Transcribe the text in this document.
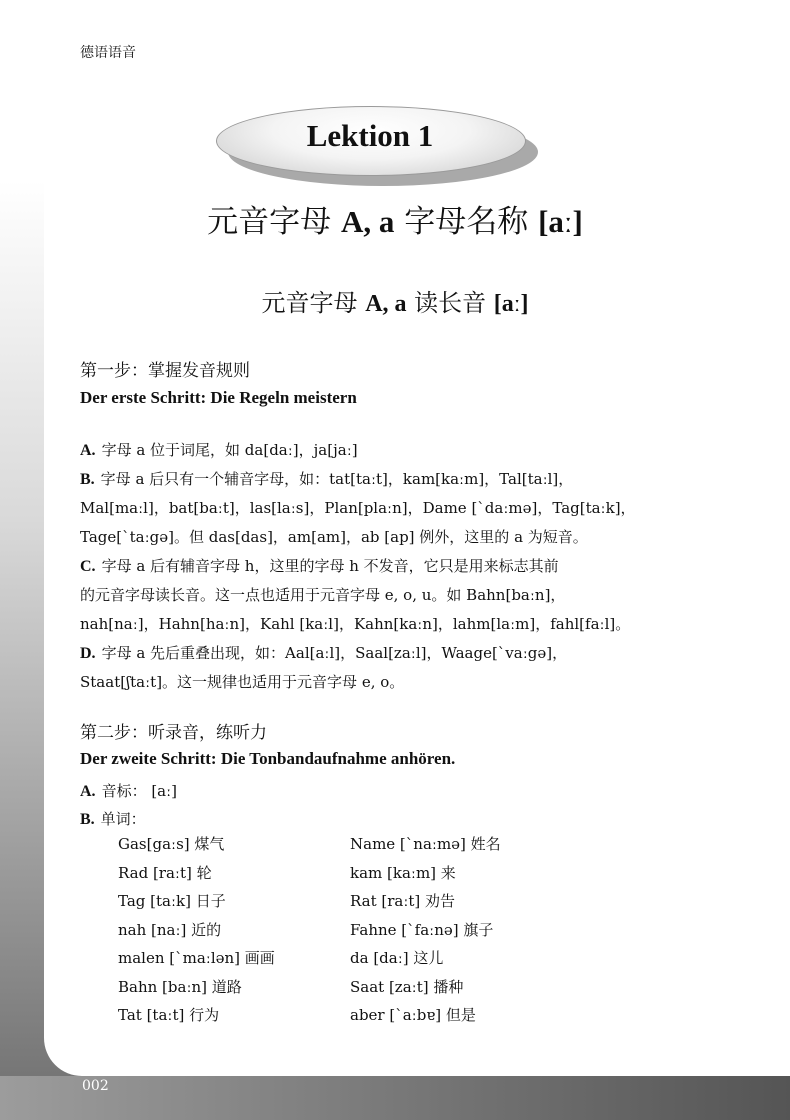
002
德语语音
Lektion 1
元音字母 A, a 字母名称 [aː]
元音字母 A, a 读长音 [aː]
第一步：掌握发音规则
Der erste Schritt: Die Regeln meistern
A. 字母 a 位于词尾，如 da[daː]，ja[jaː]
B. 字母 a 后只有一个辅音字母，如：tat[taːt]，kam[kaːm]，Tal[taːl]，
Mal[maːl]，bat[baːt]，las[laːs]，Plan[plaːn]，Dame [ˋdaːmə]，Tag[taːk]，
Tage[ˋtaːgə]。但 das[das]，am[am]，ab [ap] 例外，这里的 a 为短音。
C. 字母 a 后有辅音字母 h，这里的字母 h 不发音，它只是用来标志其前
的元音字母读长音。这一点也适用于元音字母 e, o, u。如 Bahn[baːn]，
nah[naː]，Hahn[haːn]，Kahl [kaːl]，Kahn[kaːn]，lahm[laːm]，fahl[faːl]。
D. 字母 a 先后重叠出现，如：Aal[aːl]，Saal[zaːl]，Waage[ˋvaːgə]，
Staat[ʃtaːt]。这一规律也适用于元音字母 e, o。
第二步：听录音，练听力
Der zweite Schritt: Die Tonbandaufnahme anhören.
A. 音标： [aː]
B. 单词：
Gas[gaːs] 煤气	Name [ˋnaːmə] 姓名
Rad [raːt] 轮	kam [kaːm] 来
Tag [taːk] 日子	Rat [raːt] 劝告
nah [naː] 近的	Fahne [ˋfaːnə] 旗子
malen [ˋmaːlən] 画画	da [daː] 这儿
Bahn [baːn] 道路	Saat [zaːt] 播种
Tat [taːt] 行为	aber [ˋaːbɐ] 但是
